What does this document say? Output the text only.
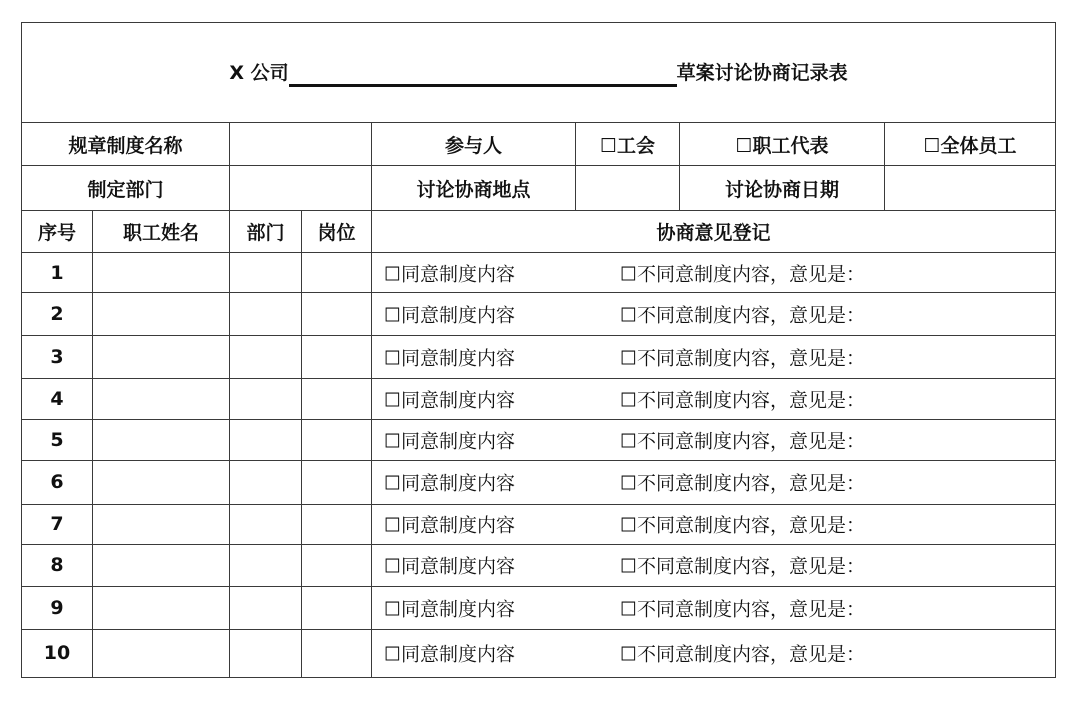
X 公司 草案讨论协商记录表							
规章制度名称				参与人	☐工会	☐职工代表	☐全体员工
制定部门				讨论协商地点		讨论协商日期	
序号	职工姓名	部门	岗位	协商意见登记			
1				☐同意制度内容 ☐不同意制度内容，意见是：			

2				☐同意制度内容 ☐不同意制度内容，意见是：			

3				☐同意制度内容 ☐不同意制度内容，意见是：			

4				☐同意制度内容 ☐不同意制度内容，意见是：			

5				☐同意制度内容 ☐不同意制度内容，意见是：			

6				☐同意制度内容 ☐不同意制度内容，意见是：			

7				☐同意制度内容 ☐不同意制度内容，意见是：			

8				☐同意制度内容 ☐不同意制度内容，意见是：			

9				☐同意制度内容 ☐不同意制度内容，意见是：			

10				☐同意制度内容 ☐不同意制度内容，意见是：			
